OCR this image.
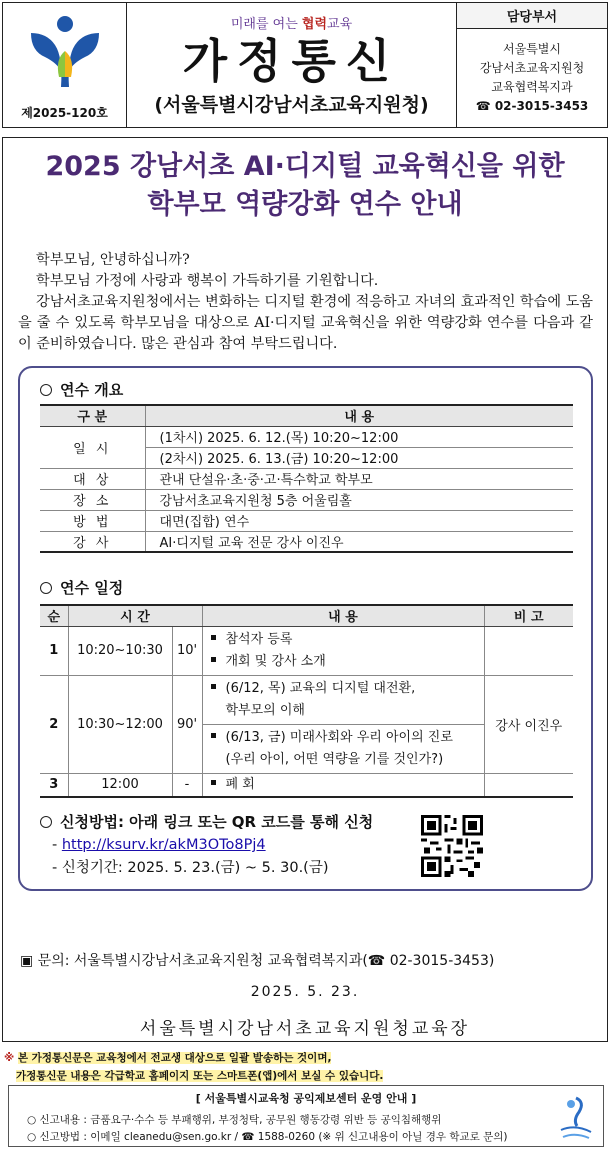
제2025-120호
미래를 여는 협력교육
가정통신
(서울특별시강남서초교육지원청)
담당부서
서울특별시
강남서초교육지원청
교육협력복지과
☎ 02-3015-3453
2025 강남서초 AI·디지털 교육혁신을 위한
학부모 역량강화 연수 안내

학부모님, 안녕하십니까?

학부모님 가정에 사랑과 행복이 가득하기를 기원합니다.

강남서초교육지원청에서는 변화하는 디지털 환경에 적응하고 자녀의 효과적인 학습에 도움을 줄 수 있도록 학부모님을 대상으로 AI·디지털 교육혁신을 위한 역량강화 연수를 다음과 같이 준비하였습니다. 많은 관심과 참여 부탁드립니다.

연수 개요
구 분	내 용
일 시	(1차시) 2025. 6. 12.(목) 10:20~12:00
	(2차시) 2025. 6. 13.(금) 10:20~12:00
대 상	관내 단설유·초·중·고·특수학교 학부모
장 소	강남서초교육지원청 5층 어울림홀
방 법	대면(집합) 연수
강 사	AI·디지털 교육 전문 강사 이진우
연수 일정
순	시 간		내 용	비 고
1	10:20~10:30	10'	참석자 등록
개회 및 강사 소개	

2	10:30~12:00	90'	(6/12, 목) 교육의 디지털 대전환,
학부모의 이해
(6/13, 금) 미래사회와 우리 아이의 진로
(우리 아이, 어떤 역량을 기를 것인가?)	강사 이진우
3	12:00	-	폐 회	
신청방법: 아래 링크 또는 QR 코드를 통해 신청
- http://ksurv.kr/akM3OTo8Pj4
- 신청기간: 2025. 5. 23.(금) ~ 5. 30.(금)
▣ 문의: 서울특별시강남서초교육지원청 교육협력복지과(☎ 02-3015-3453)
2025. 5. 23.
서울특별시강남서초교육지원청교육장
※ 본 가정통신문은 교육청에서 전교생 대상으로 일괄 발송하는 것이며,
가정통신문 내용은 각급학교 홈페이지 또는 스마트폰(앱)에서 보실 수 있습니다.
[ 서울특별시교육청 공익제보센터 운영 안내 ]
○ 신고내용 : 금품요구·수수 등 부패행위, 부정청탁, 공무원 행동강령 위반 등 공익침해행위
○ 신고방법 : 이메일 cleanedu@sen.go.kr / ☎ 1588-0260 (※ 위 신고내용이 아닐 경우 학교로 문의)
